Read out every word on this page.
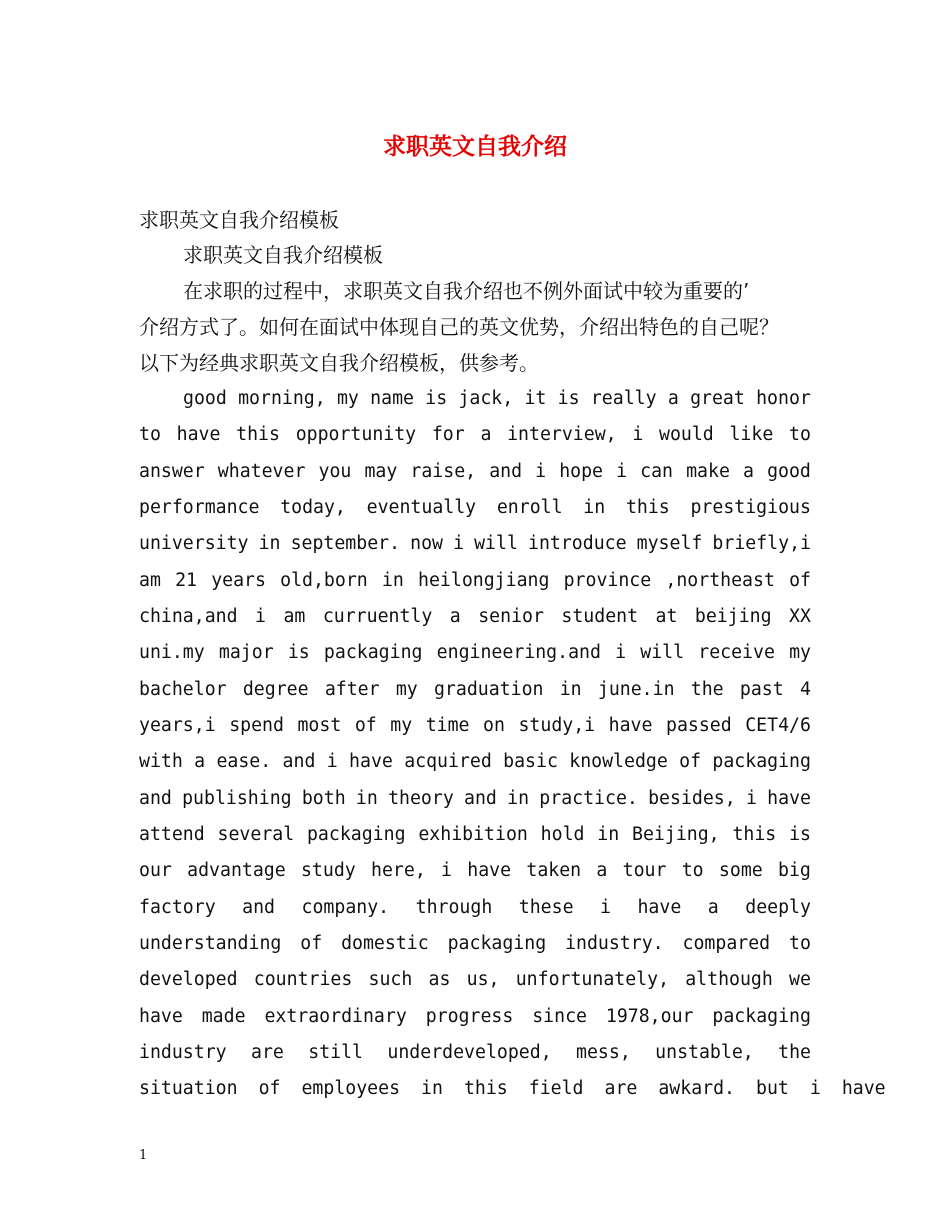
求职英文自我介绍
求职英文自我介绍模板
求职英文自我介绍模板
在求职的过程中，求职英文自我介绍也不例外面试中较为重要的’
介绍方式了。如何在面试中体现自己的英文优势，介绍出特色的自己呢？
以下为经典求职英文自我介绍模板，供参考。
good morning, my name is jack, it is really a great honor
to have this opportunity for a interview, i would like to
answer whatever you may raise, and i hope i can make a good
performance today, eventually enroll in this prestigious
university in september. now i will introduce myself briefly,i
am 21 years old,born in heilongjiang province ,northeast of
china,and i am curruently a senior student at beijing XX
uni.my major is packaging engineering.and i will receive my
bachelor degree after my graduation in june.in the past 4
years,i spend most of my time on study,i have passed CET4/6
with a ease. and i have acquired basic knowledge of packaging
and publishing both in theory and in practice. besides, i have
attend several packaging exhibition hold in Beijing, this is
our advantage study here, i have taken a tour to some big
factory and company. through these i have a deeply
understanding of domestic packaging industry. compared to
developed countries such as us, unfortunately, although we
have made extraordinary progress since 1978,our packaging
industry are still underdeveloped, mess, unstable, the
situation of employees in this field are awkard. but i have
1
